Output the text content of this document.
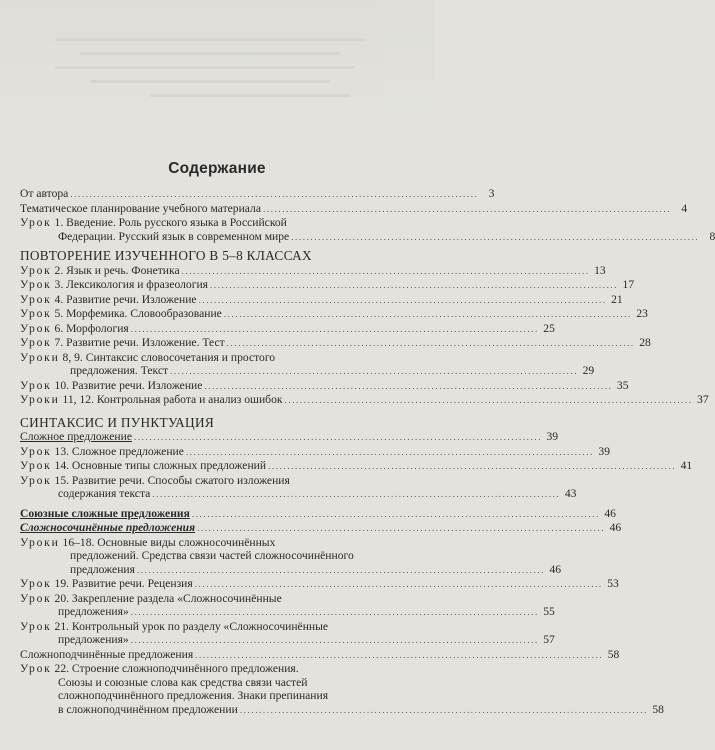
Содержание
От автора .......................................................................................................... 3
Тематическое планирование учебного материала .......................................................................................................... 4
Урок 1. Введение. Роль русского языка в Российской
Федерации. Русский язык в современном мире .......................................................................................................... 8
ПОВТОРЕНИЕ ИЗУЧЕННОГО В 5–8 КЛАССАХ
Урок 2. Язык и речь. Фонетика .......................................................................................................... 13
Урок 3. Лексикология и фразеология .......................................................................................................... 17
Урок 4. Развитие речи. Изложение .......................................................................................................... 21
Урок 5. Морфемика. Словообразование .......................................................................................................... 23
Урок 6. Морфология .......................................................................................................... 25
Урок 7. Развитие речи. Изложение. Тест .......................................................................................................... 28
Уроки 8, 9. Синтаксис словосочетания и простого
предложения. Текст .......................................................................................................... 29
Урок 10. Развитие речи. Изложение .......................................................................................................... 35
Уроки 11, 12. Контрольная работа и анализ ошибок .......................................................................................................... 37
СИНТАКСИС И ПУНКТУАЦИЯ
Сложное предложение .......................................................................................................... 39
Урок 13. Сложное предложение .......................................................................................................... 39
Урок 14. Основные типы сложных предложений .......................................................................................................... 41
Урок 15. Развитие речи. Способы сжатого изложения
содержания текста .......................................................................................................... 43
Союзные сложные предложения .......................................................................................................... 46
Сложносочинённые предложения .......................................................................................................... 46
Уроки 16–18. Основные виды сложносочинённых
предложений. Средства связи частей сложносочинённого
предложения .......................................................................................................... 46
Урок 19. Развитие речи. Рецензия .......................................................................................................... 53
Урок 20. Закрепление раздела «Сложносочинённые
предложения» .......................................................................................................... 55
Урок 21. Контрольный урок по разделу «Сложносочинённые
предложения» .......................................................................................................... 57
Сложноподчинённые предложения .......................................................................................................... 58
Урок 22. Строение сложноподчинённого предложения.
Союзы и союзные слова как средства связи частей
сложноподчинённого предложения. Знаки препинания
в сложноподчинённом предложении .......................................................................................................... 58
